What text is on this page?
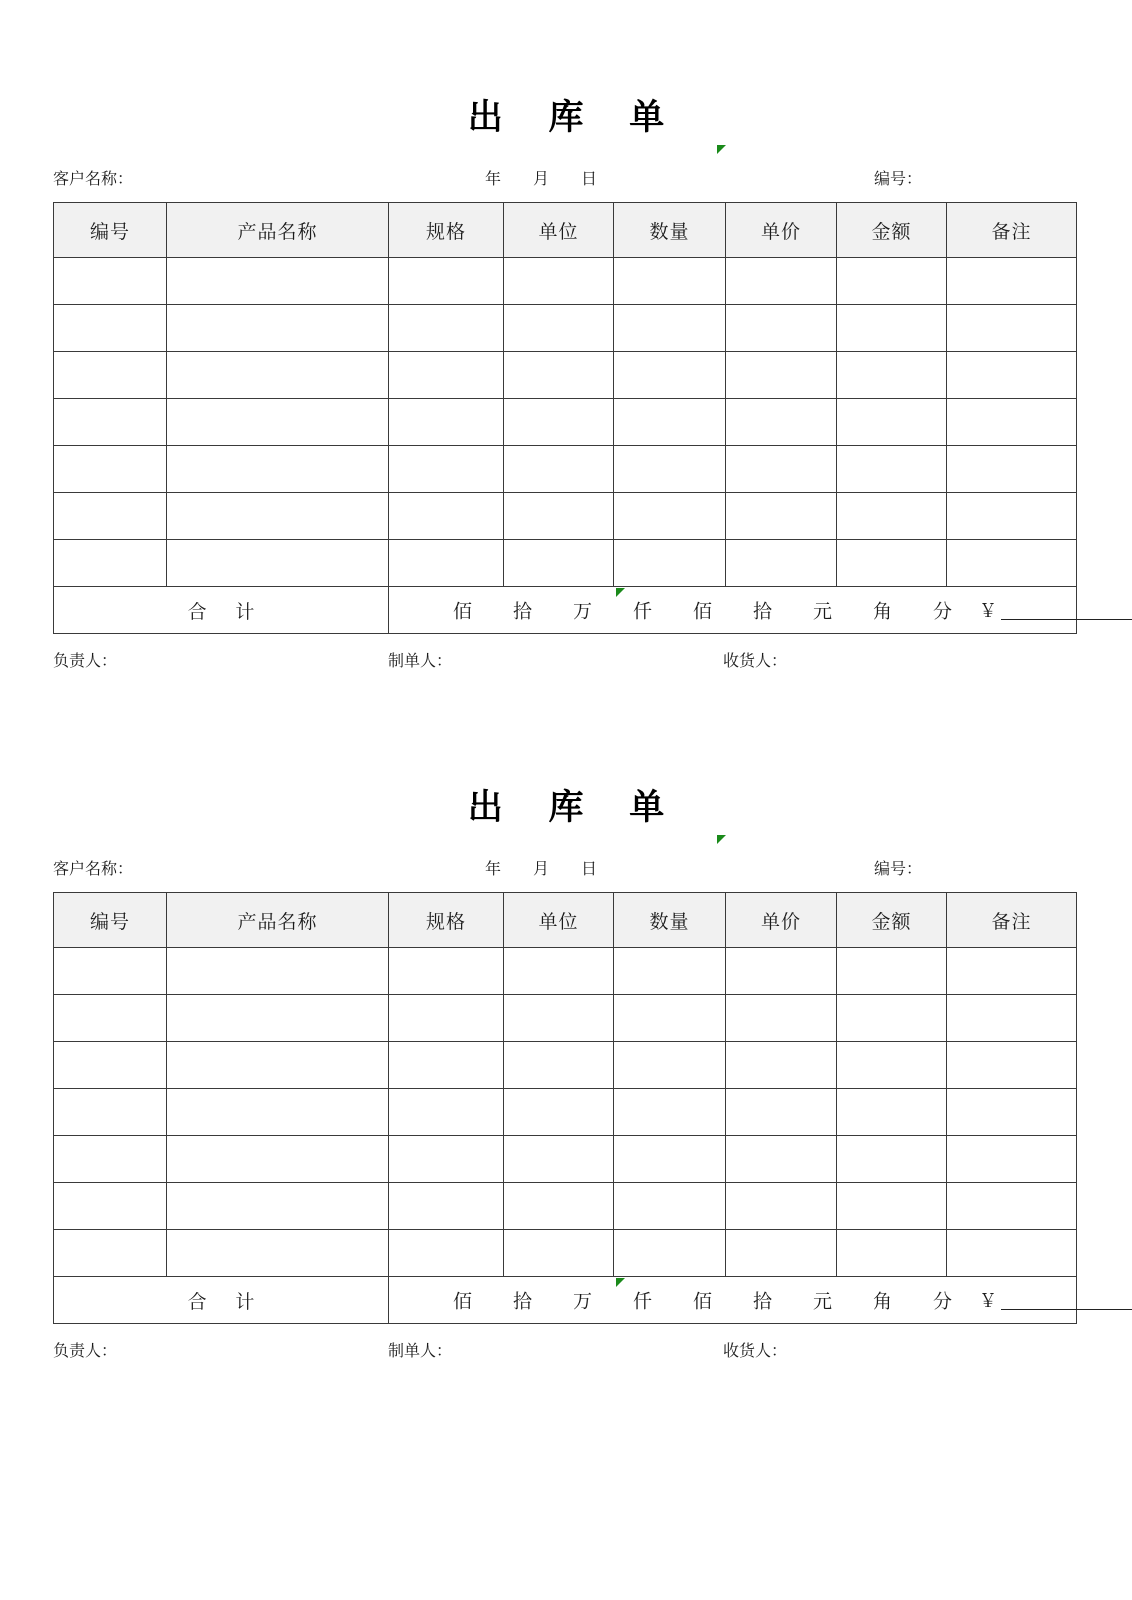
出 库 单
客户名称：	年 月 日	编号：
编号	产品名称	规格	单位	数量	单价	金额	备注

合 计		佰 拾 万 仟 佰 拾 元 角 分 ￥					
负责人：	制单人：	收货人：
出 库 单
客户名称：	年 月 日	编号：
编号	产品名称	规格	单位	数量	单价	金额	备注

合 计		佰 拾 万 仟 佰 拾 元 角 分 ￥					
负责人：	制单人：	收货人：
